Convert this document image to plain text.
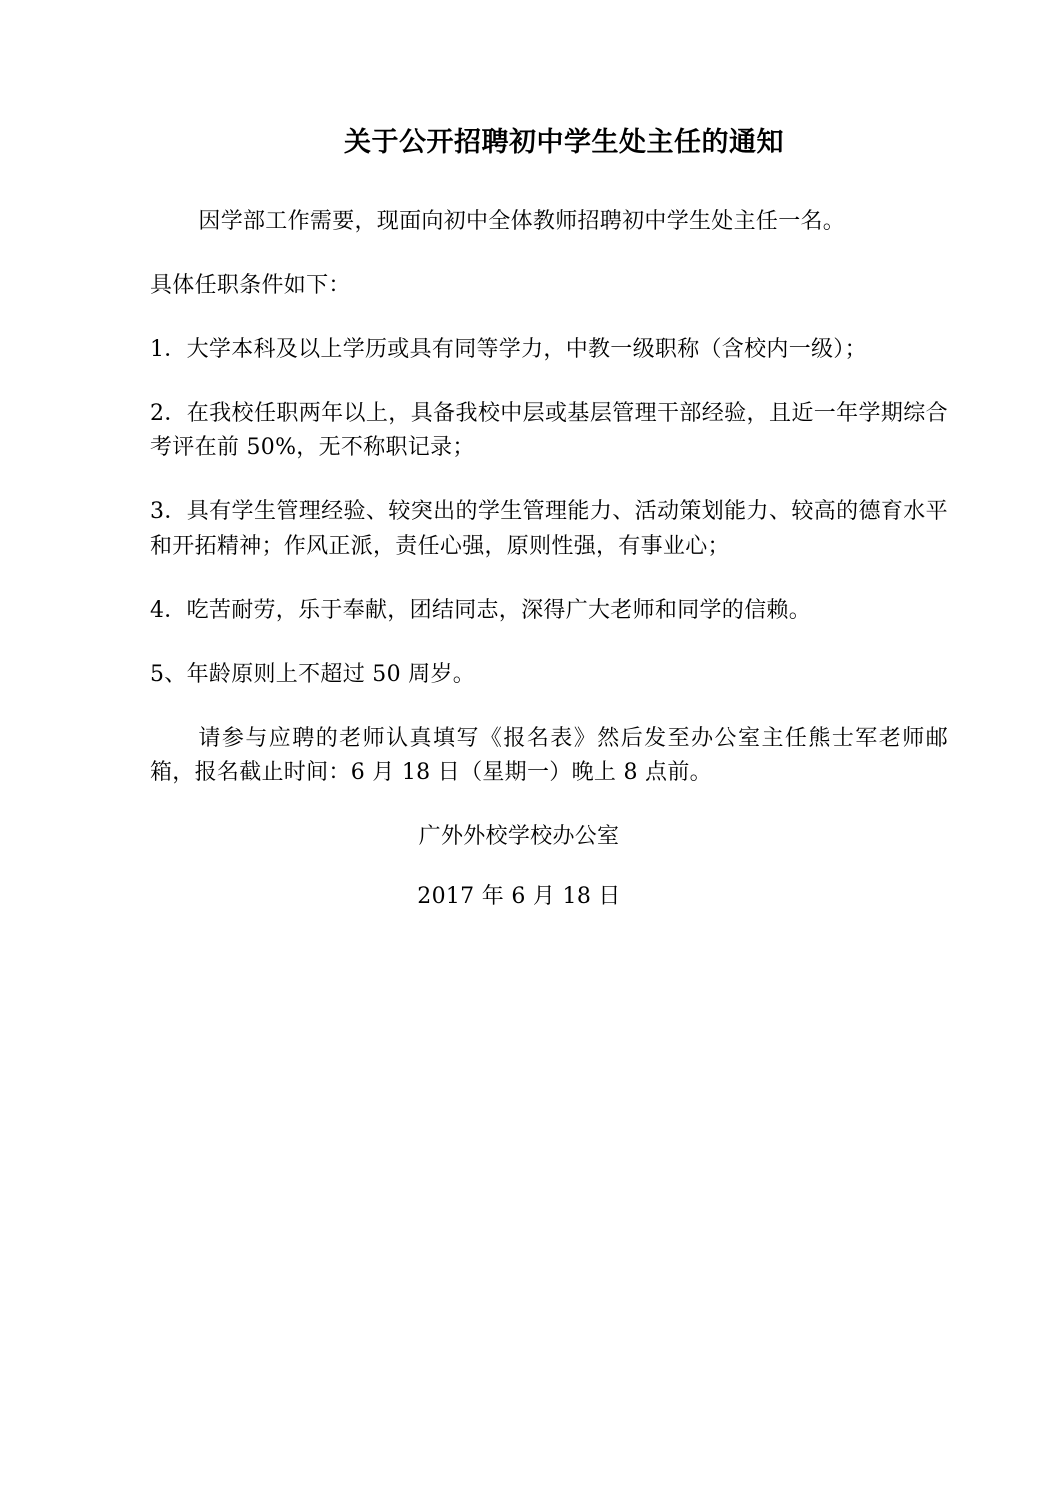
关于公开招聘初中学生处主任的通知

因学部工作需要，现面向初中全体教师招聘初中学生处主任一名。

具体任职条件如下：

1．大学本科及以上学历或具有同等学力，中教一级职称（含校内一级）；

2．在我校任职两年以上，具备我校中层或基层管理干部经验，且近一年学期综合考评在前 50%，无不称职记录；

3．具有学生管理经验、较突出的学生管理能力、活动策划能力、较高的德育水平和开拓精神；作风正派，责任心强，原则性强，有事业心；

4．吃苦耐劳，乐于奉献，团结同志，深得广大老师和同学的信赖。

5、年龄原则上不超过 50 周岁。

请参与应聘的老师认真填写《报名表》然后发至办公室主任熊士军老师邮箱，报名截止时间：6 月 18 日（星期一）晚上 8 点前。

广外外校学校办公室

2017 年 6 月 18 日
